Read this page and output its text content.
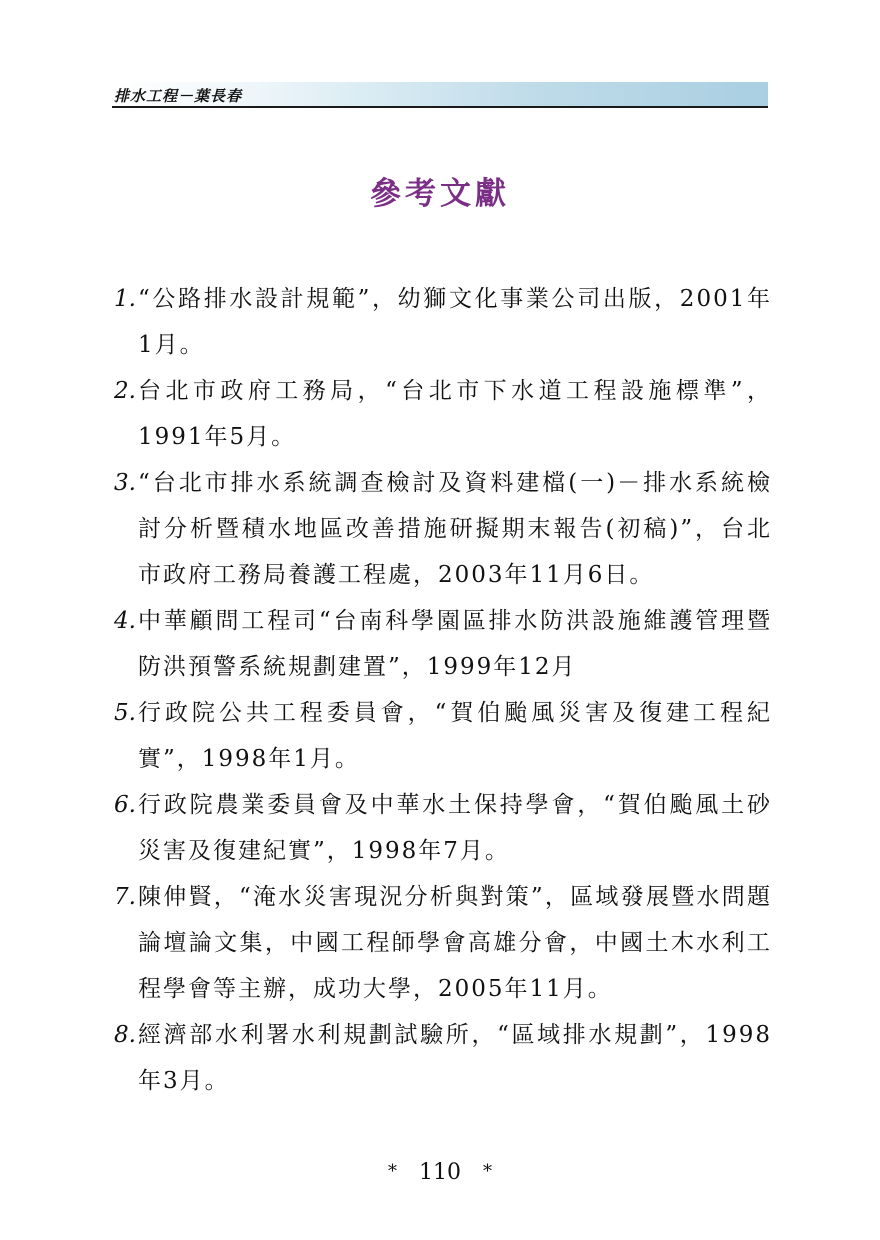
排水工程－葉長春
參考文獻
1. “公路排水設計規範”，幼獅文化事業公司出版，2001年1月。
2. 台北市政府工務局，“台北市下水道工程設施標準”，1991年5月。
3. “台北市排水系統調查檢討及資料建檔(一)－排水系統檢討分析暨積水地區改善措施研擬期末報告(初稿)”，台北市政府工務局養護工程處，2003年11月6日。
4. 中華顧問工程司“台南科學園區排水防洪設施維護管理暨防洪預警系統規劃建置”，1999年12月
5. 行政院公共工程委員會，“賀伯颱風災害及復建工程紀實”，1998年1月。
6. 行政院農業委員會及中華水土保持學會，“賀伯颱風土砂災害及復建紀實”，1998年7月。
7. 陳伸賢，“淹水災害現況分析與對策”，區域發展暨水問題論壇論文集，中國工程師學會高雄分會，中國土木水利工程學會等主辦，成功大學，2005年11月。
8. 經濟部水利署水利規劃試驗所，“區域排水規劃”，1998年3月。
* 110 *
